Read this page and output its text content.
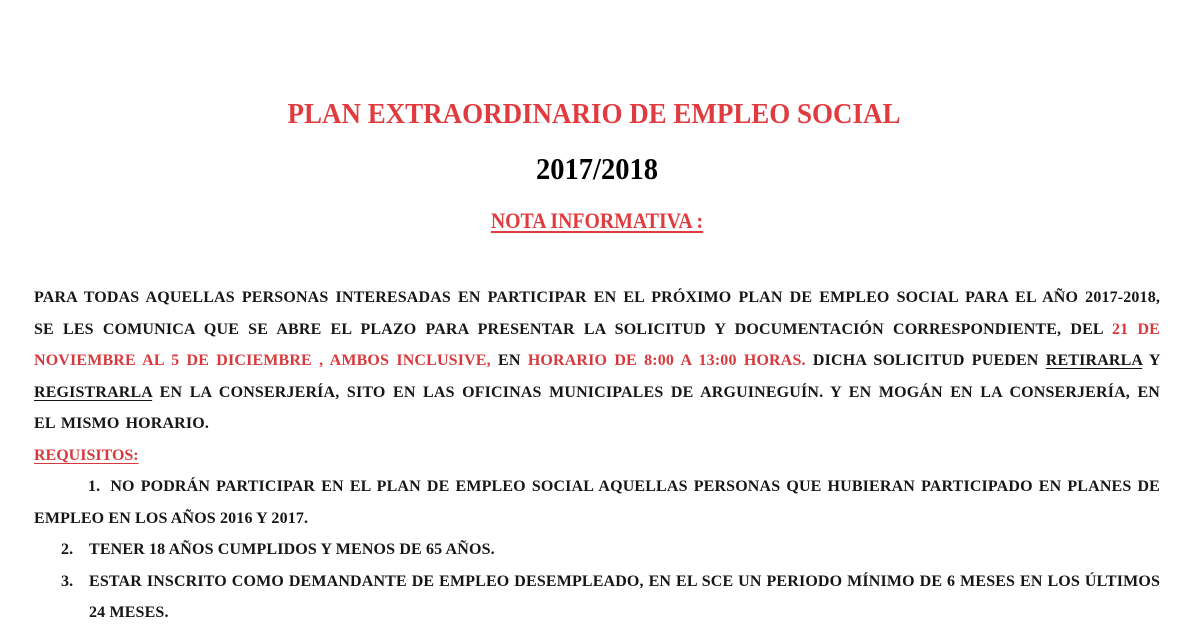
PLAN EXTRAORDINARIO DE EMPLEO SOCIAL
2017/2018
NOTA INFORMATIVA :

PARA TODAS AQUELLAS PERSONAS INTERESADAS EN PARTICIPAR EN EL PRÓXIMO PLAN DE EMPLEO SOCIAL PARA EL AÑO 2017-2018, SE LES COMUNICA QUE SE ABRE EL PLAZO PARA PRESENTAR LA SOLICITUD Y DOCUMENTACIÓN CORRESPONDIENTE, DEL 21 DE NOVIEMBRE AL 5 DE DICIEMBRE , AMBOS INCLUSIVE, EN HORARIO DE 8:00 A 13:00 HORAS. DICHA SOLICITUD PUEDEN RETIRARLA Y REGISTRARLA EN LA CONSERJERÍA, SITO EN LAS OFICINAS MUNICIPALES DE ARGUINEGUÍN. Y EN MOGÁN EN LA CONSERJERÍA, EN EL MISMO HORARIO.

REQUISITOS:

1. NO PODRÁN PARTICIPAR EN EL PLAN DE EMPLEO SOCIAL AQUELLAS PERSONAS QUE HUBIERAN PARTICIPADO EN PLANES DE EMPLEO EN LOS AÑOS 2016 Y 2017.

2. TENER 18 AÑOS CUMPLIDOS Y MENOS DE 65 AÑOS.

3. ESTAR INSCRITO COMO DEMANDANTE DE EMPLEO DESEMPLEADO, EN EL SCE UN PERIODO MÍNIMO DE 6 MESES EN LOS ÚLTIMOS 24 MESES.
